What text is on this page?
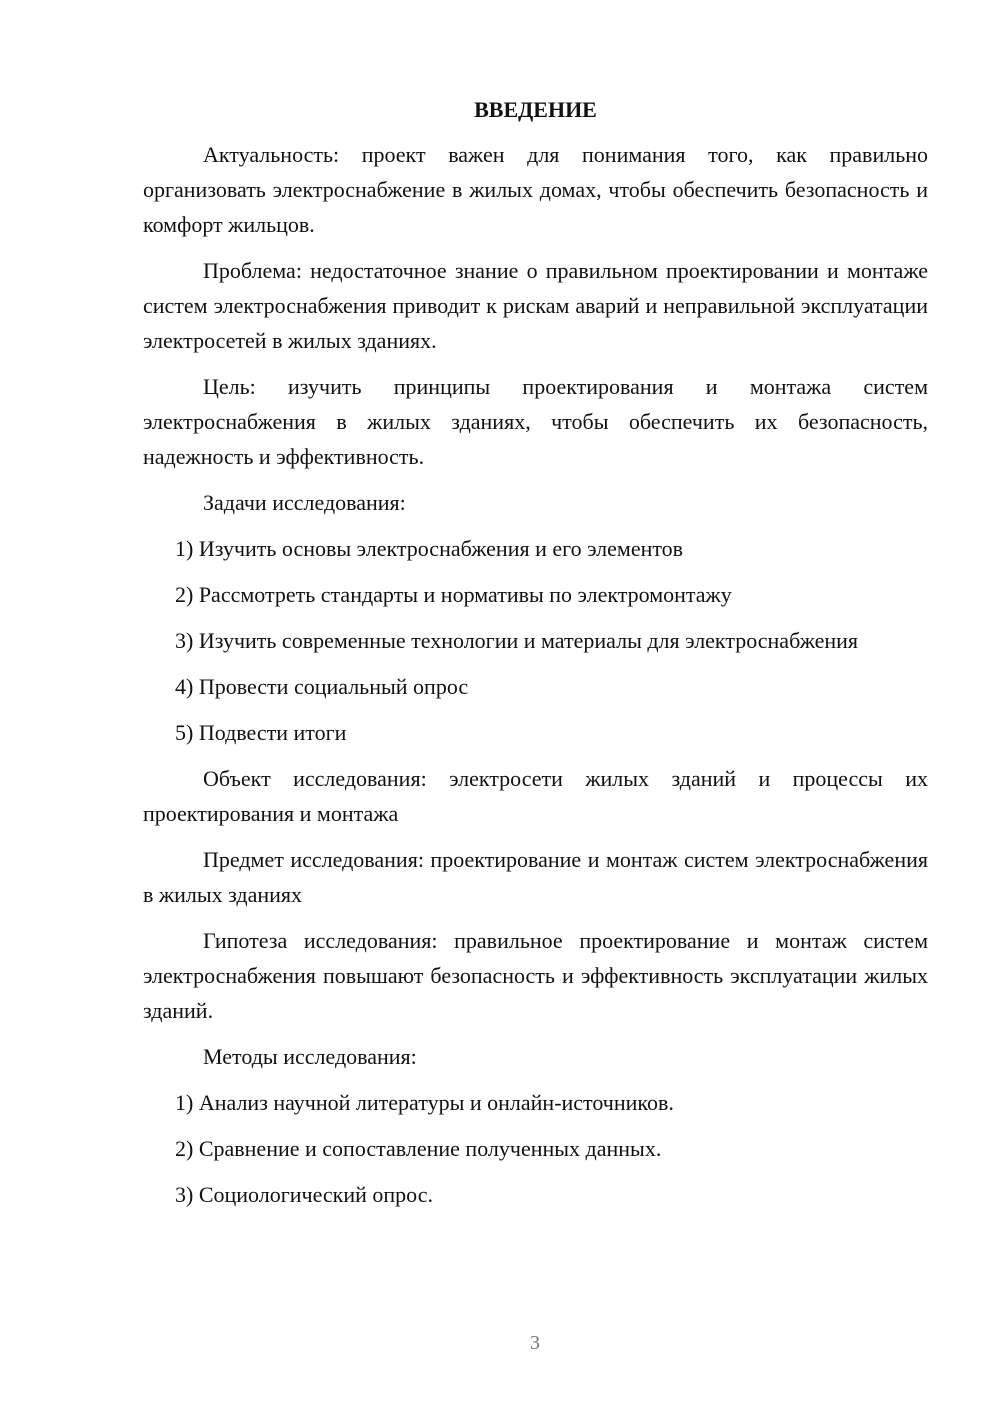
ВВЕДЕНИЕ

Актуальность: проект важен для понимания того, как правильно организовать электроснабжение в жилых домах, чтобы обеспечить безопасность и комфорт жильцов.

Проблема: недостаточное знание о правильном проектировании и монтаже систем электроснабжения приводит к рискам аварий и неправильной эксплуатации электросетей в жилых зданиях.

Цель: изучить принципы проектирования и монтажа систем электроснабжения в жилых зданиях, чтобы обеспечить их безопасность, надежность и эффективность.

Задачи исследования:

1) Изучить основы электроснабжения и его элементов

2) Рассмотреть стандарты и нормативы по электромонтажу

3) Изучить современные технологии и материалы для электроснабжения

4) Провести социальный опрос

5) Подвести итоги

Объект исследования: электросети жилых зданий и процессы их проектирования и монтажа

Предмет исследования: проектирование и монтаж систем электроснабжения в жилых зданиях

Гипотеза исследования: правильное проектирование и монтаж систем электроснабжения повышают безопасность и эффективность эксплуатации жилых зданий.

Методы исследования:

1) Анализ научной литературы и онлайн-источников.

2) Сравнение и сопоставление полученных данных.

3) Социологический опрос.

3
